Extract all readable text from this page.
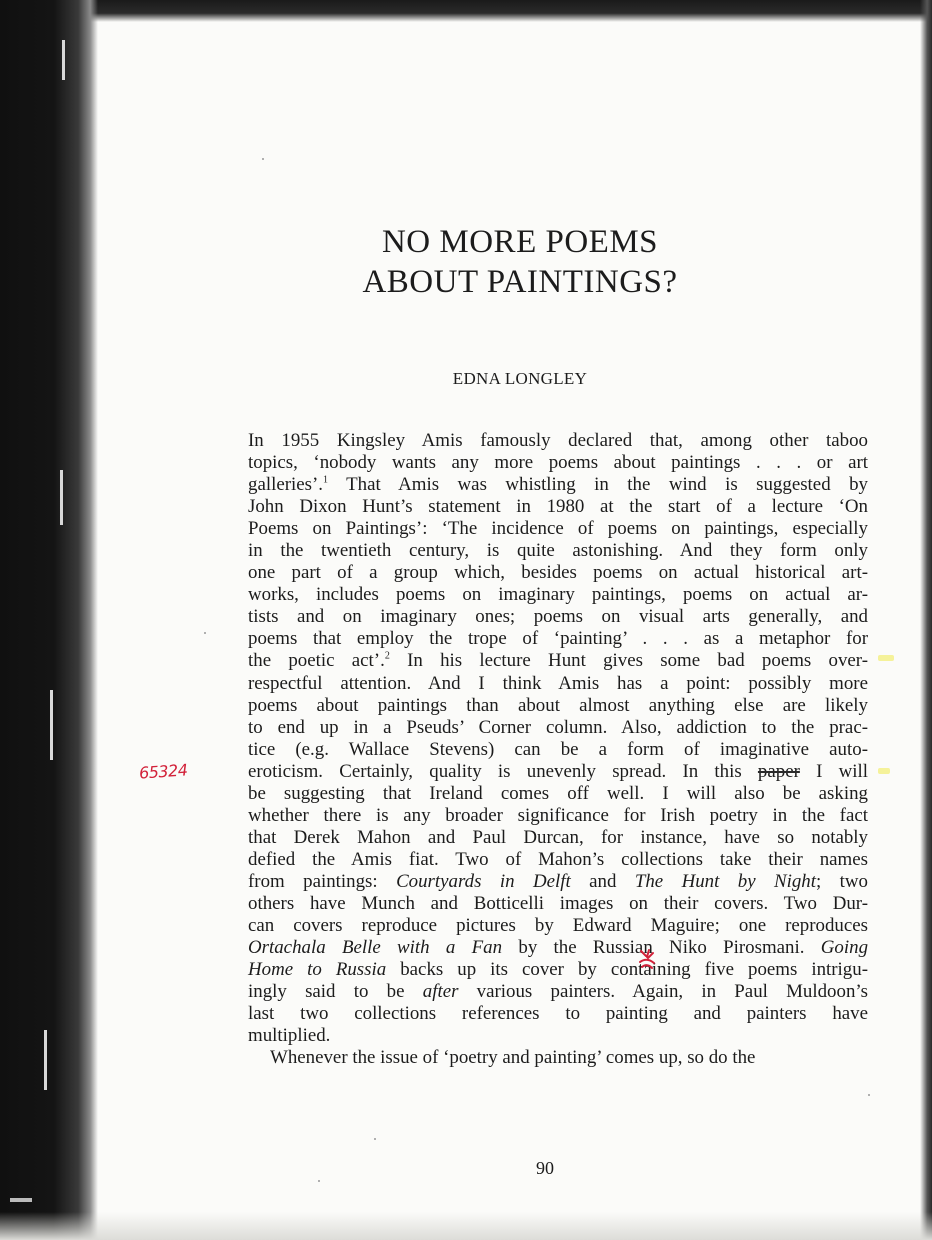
NO MORE POEMS
ABOUT PAINTINGS?
EDNA LONGLEY

In 1955 Kingsley Amis famously declared that, among other taboo
topics, ‘nobody wants any more poems about paintings . . . or art
galleries’.$^1$ That Amis was whistling in the wind is suggested by
John Dixon Hunt’s statement in 1980 at the start of a lecture ‘On
Poems on Paintings’: ‘The incidence of poems on paintings, especially
in the twentieth century, is quite astonishing. And they form only
one part of a group which, besides poems on actual historical art-
works, includes poems on imaginary paintings, poems on actual ar-
tists and on imaginary ones; poems on visual arts generally, and
poems that employ the trope of ‘painting’ . . . as a metaphor for
the poetic act’.$^2$ In his lecture Hunt gives some bad poems over-
respectful attention. And I think Amis has a point: possibly more
poems about paintings than about almost anything else are likely
to end up in a Pseuds’ Corner column. Also, addiction to the prac-
tice (e.g. Wallace Stevens) can be a form of imaginative auto-
eroticism. Certainly, quality is unevenly spread. In this paper I will
be suggesting that Ireland comes off well. I will also be asking
whether there is any broader significance for Irish poetry in the fact
that Derek Mahon and Paul Durcan, for instance, have so notably
defied the Amis fiat. Two of Mahon’s collections take their names
from paintings: Courtyards in Delft and The Hunt by Night; two
others have Munch and Botticelli images on their covers. Two Dur-
can covers reproduce pictures by Edward Maguire; one reproduces
Ortachala Belle with a Fan by the Russian Niko Pirosmani. Going
Home to Russia backs up its cover by containing five poems intrigu-
ingly said to be after various painters. Again, in Paul Muldoon’s
last two collections references to painting and painters have
multiplied.

Whenever the issue of ‘poetry and painting’ comes up, so do the

65324
90
